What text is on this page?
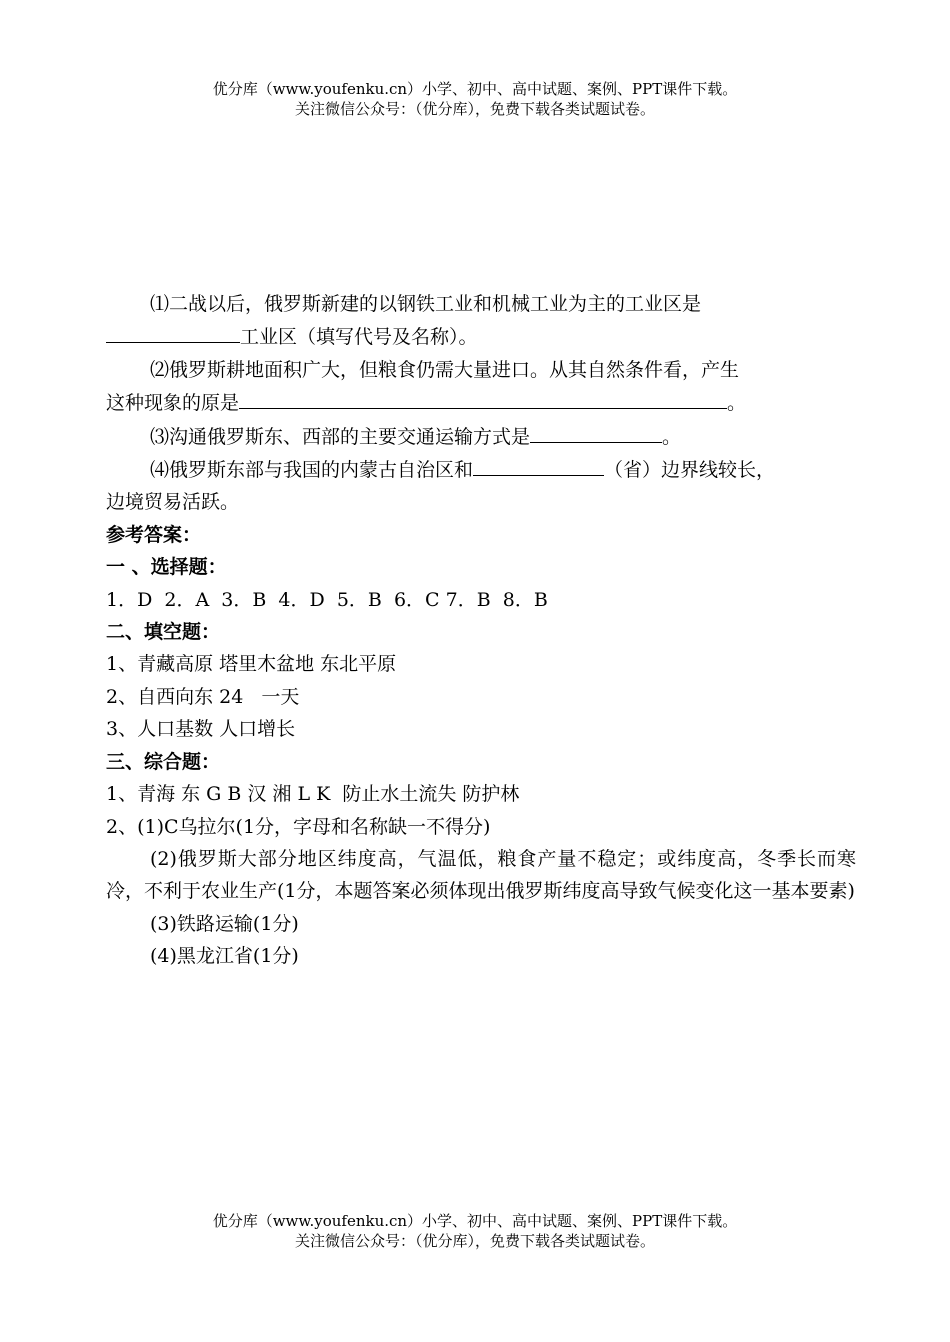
优分库（www.youfenku.cn）小学、初中、高中试题、案例、PPT课件下载。
关注微信公众号：（优分库），免费下载各类试题试卷。

⑴二战以后，俄罗斯新建的以钢铁工业和机械工业为主的工业区是

工业区（填写代号及名称）。

⑵俄罗斯耕地面积广大，但粮食仍需大量进口。从其自然条件看，产生

这种现象的原是	。

⑶沟通俄罗斯东、西部的主要交通运输方式是	。

⑷俄罗斯东部与我国的内蒙古自治区和	（省）边界线较长，

边境贸易活跃。

参考答案：

一 、选择题：

1．D  2．A  3．B  4．D  5．B  6．C 7．B  8．B

二、填空题：

1、青藏高原 塔里木盆地 东北平原

2、自西向东 24   一天

3、人口基数 人口增长

三、综合题：

1、青海 东 G B 汉 湘 L K  防止水土流失 防护林

2、(1)C乌拉尔(1分，字母和名称缺一不得分)

(2)俄罗斯大部分地区纬度高，气温低，粮食产量不稳定；或纬度高，冬季长而寒冷，不利于农业生产(1分，本题答案必须体现出俄罗斯纬度高导致气候变化这一基本要素)

(3)铁路运输(1分)

(4)黑龙江省(1分)

优分库（www.youfenku.cn）小学、初中、高中试题、案例、PPT课件下载。
关注微信公众号：（优分库），免费下载各类试题试卷。
